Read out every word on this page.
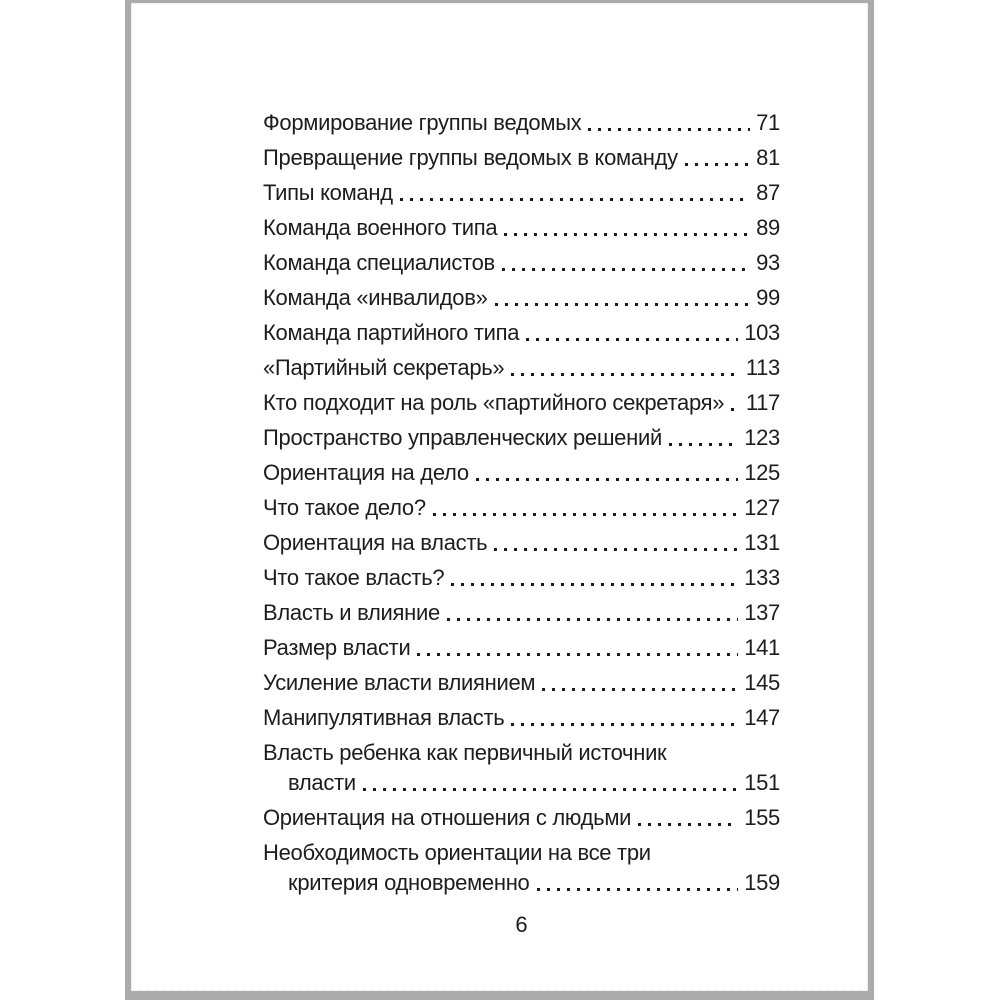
Формирование группы ведомых	71
Превращение группы ведомых в команду	81
Типы команд	87
Команда военного типа	89
Команда специалистов	93
Команда «инвалидов»	99
Команда партийного типа	103
«Партийный секретарь»	113
Кто подходит на роль «партийного секретаря» 117
Пространство управленческих решений	123
Ориентация на дело	125
Что такое дело?	127
Ориентация на власть	131
Что такое власть?	133
Власть и влияние	137
Размер власти	141
Усиление власти влиянием	145
Манипулятивная власть	147
Власть ребенка как первичный источник
власти	151
Ориентация на отношения с людьми	155
Необходимость ориентации на все три
критерия одновременно	159
6
